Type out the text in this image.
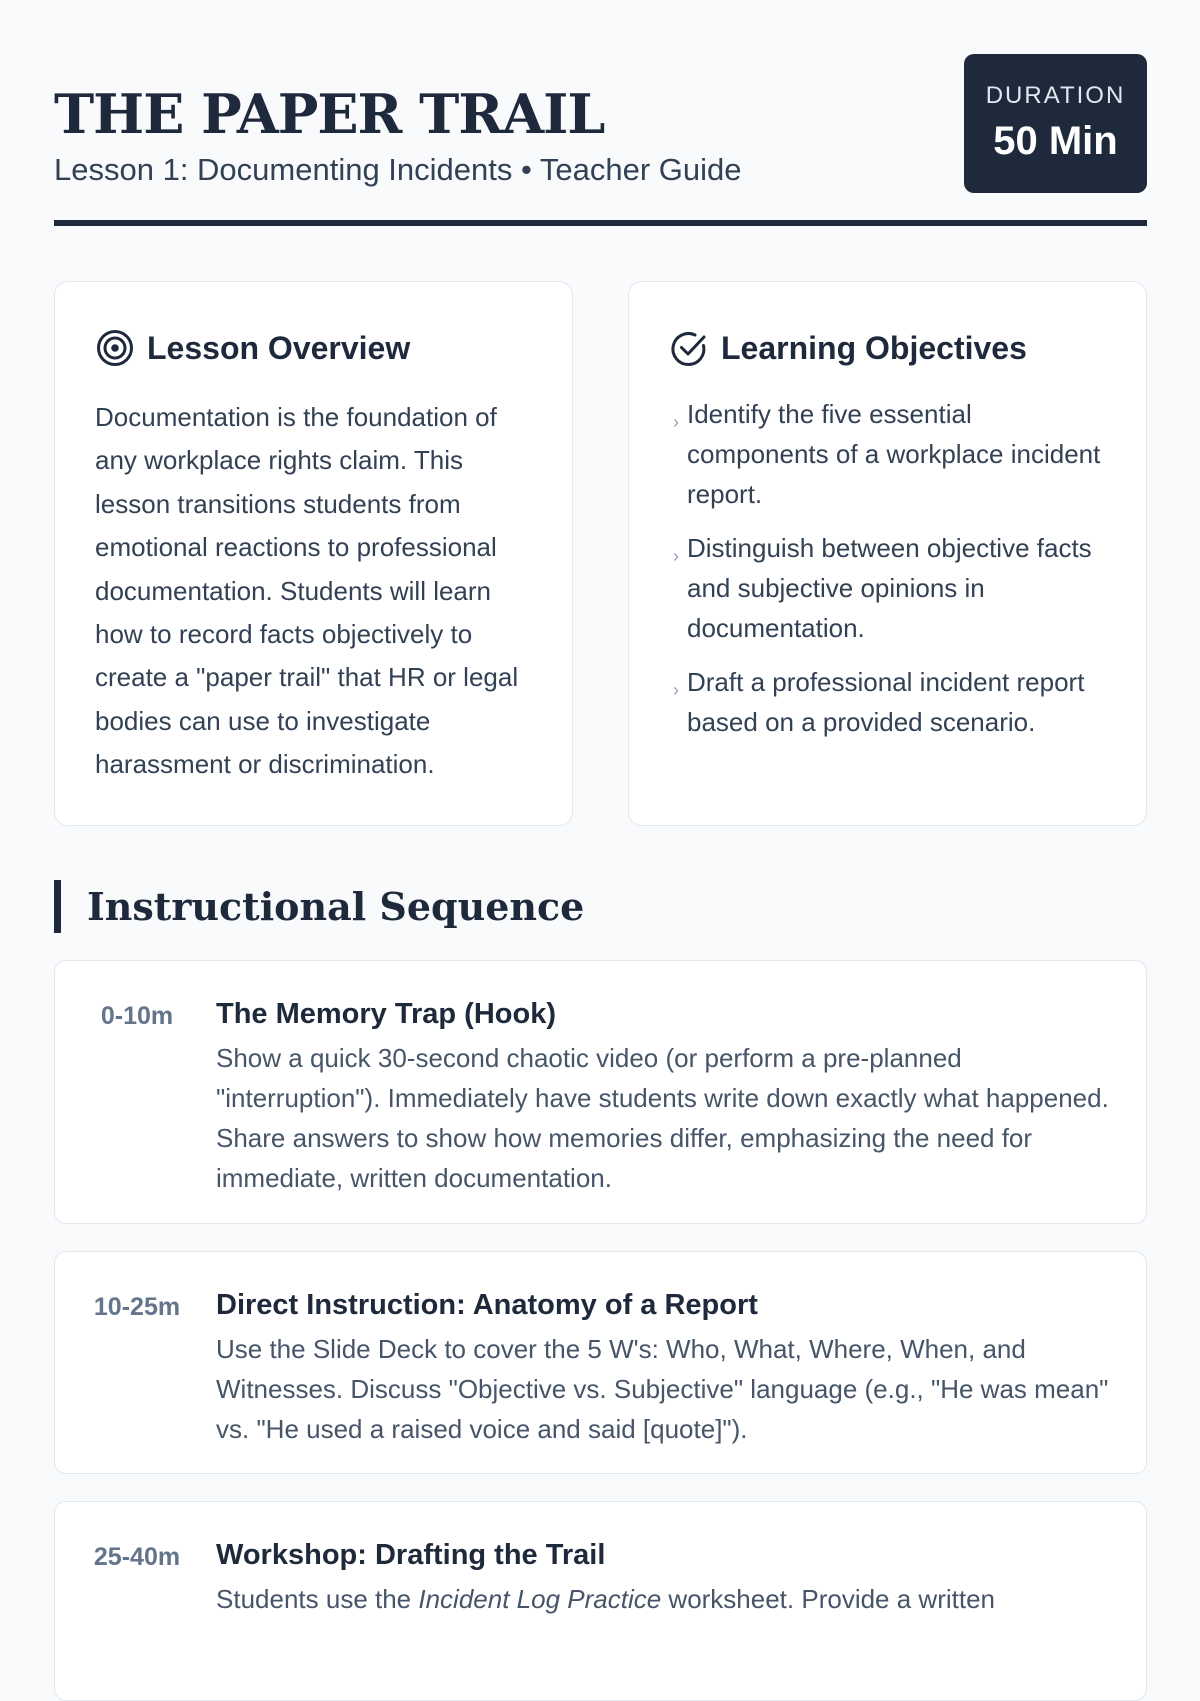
THE PAPER TRAIL
Lesson 1: Documenting Incidents • Teacher Guide
DURATION
50 Min
Lesson Overview

Documentation is the foundation of any workplace rights claim. This lesson transitions students from emotional reactions to professional documentation. Students will learn how to record facts objectively to create a "paper trail" that HR or legal bodies can use to investigate harassment or discrimination.

Learning Objectives
› Identify the five essential components of a workplace incident report.
› Distinguish between objective facts and subjective opinions in documentation.
› Draft a professional incident report based on a provided scenario.
Instructional Sequence
0-10m	The Memory Trap (Hook)
Show a quick 30-second chaotic video (or perform a pre-planned "interruption"). Immediately have students write down exactly what happened. Share answers to show how memories differ, emphasizing the need for immediate, written documentation.
10-25m	Direct Instruction: Anatomy of a Report
Use the Slide Deck to cover the 5 W's: Who, What, Where, When, and Witnesses. Discuss "Objective vs. Subjective" language (e.g., "He was mean" vs. "He used a raised voice and said [quote]").
25-40m	Workshop: Drafting the Trail
Students use the Incident Log Practice worksheet. Provide a written
